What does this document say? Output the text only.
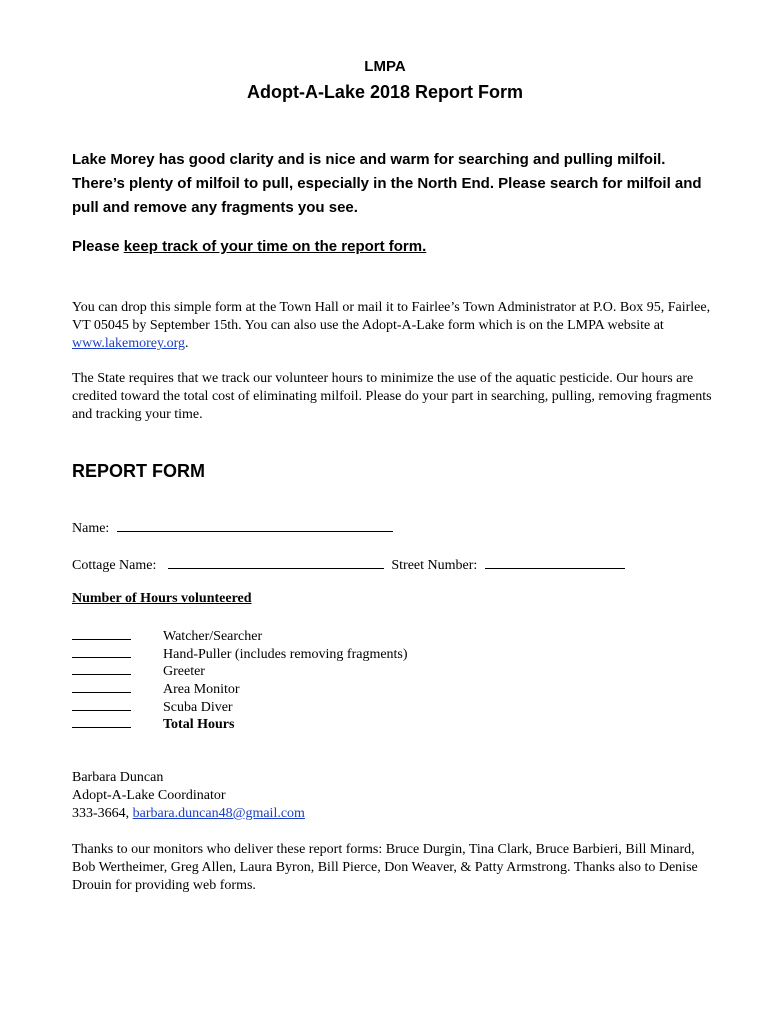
LMPA
Adopt-A-Lake 2018 Report Form
Lake Morey has good clarity and is nice and warm for searching and pulling milfoil. There’s plenty of milfoil to pull, especially in the North End. Please search for milfoil and pull and remove any fragments you see.
Please keep track of your time on the report form.
You can drop this simple form at the Town Hall or mail it to Fairlee’s Town Administrator at P.O. Box 95, Fairlee, VT 05045 by September 15th. You can also use the Adopt-A-Lake form which is on the LMPA website at www.lakemorey.org.
The State requires that we track our volunteer hours to minimize the use of the aquatic pesticide. Our hours are credited toward the total cost of eliminating milfoil. Please do your part in searching, pulling, removing fragments and tracking your time.
REPORT FORM
Name:
Cottage Name:	Street Number:
Number of Hours volunteered
Watcher/Searcher
Hand-Puller (includes removing fragments)
Greeter
Area Monitor
Scuba Diver
Total Hours
Barbara Duncan
Adopt-A-Lake Coordinator
333-3664, barbara.duncan48@gmail.com
Thanks to our monitors who deliver these report forms: Bruce Durgin, Tina Clark, Bruce Barbieri, Bill Minard, Bob Wertheimer, Greg Allen, Laura Byron, Bill Pierce, Don Weaver, & Patty Armstrong. Thanks also to Denise Drouin for providing web forms.
